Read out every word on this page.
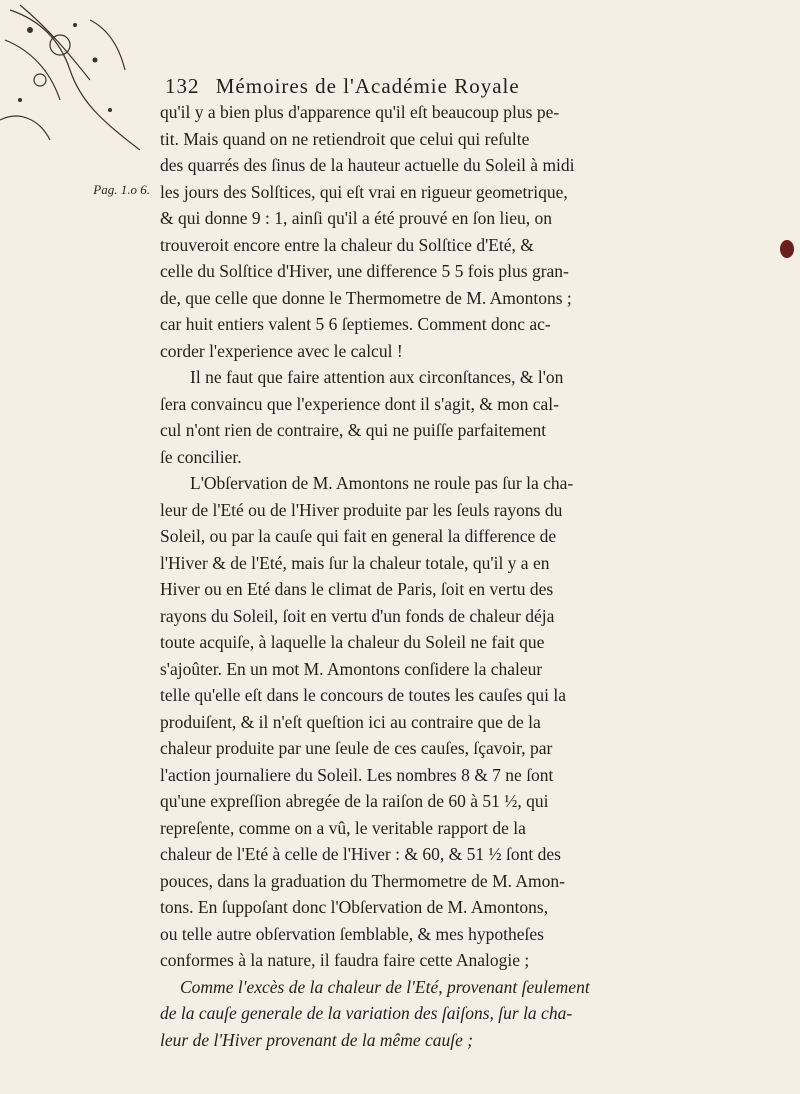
132 Mémoires de l'Académie Royale
Pag. 1.o 6.
qu'il y a bien plus d'apparence qu'il eſt beaucoup plus pe-
tit. Mais quand on ne retiendroit que celui qui reſulte
des quarrés des ſinus de la hauteur actuelle du Soleil à midi
les jours des Solſtices, qui eſt vrai en rigueur geometrique,
& qui donne 9 : 1, ainſi qu'il a été prouvé en ſon lieu, on
trouveroit encore entre la chaleur du Solſtice d'Eté, &
celle du Solſtice d'Hiver, une difference 5 5 fois plus gran-
de, que celle que donne le Thermometre de M. Amontons ;
car huit entiers valent 5 6 ſeptiemes. Comment donc ac-
corder l'experience avec le calcul !
Il ne faut que faire attention aux circonſtances, & l'on
ſera convaincu que l'experience dont il s'agit, & mon cal-
cul n'ont rien de contraire, & qui ne puiſſe parfaitement
ſe concilier.
L'Obſervation de M. Amontons ne roule pas ſur la cha-
leur de l'Eté ou de l'Hiver produite par les ſeuls rayons du
Soleil, ou par la cauſe qui fait en general la difference de
l'Hiver & de l'Eté, mais ſur la chaleur totale, qu'il y a en
Hiver ou en Eté dans le climat de Paris, ſoit en vertu des
rayons du Soleil, ſoit en vertu d'un fonds de chaleur déja
toute acquiſe, à laquelle la chaleur du Soleil ne fait que
s'ajoûter. En un mot M. Amontons conſidere la chaleur
telle qu'elle eſt dans le concours de toutes les cauſes qui la
produiſent, & il n'eſt queſtion ici au contraire que de la
chaleur produite par une ſeule de ces cauſes, ſçavoir, par
l'action journaliere du Soleil. Les nombres 8 & 7 ne ſont
qu'une expreſſion abregée de la raiſon de 60 à 51 ½, qui
repreſente, comme on a vû, le veritable rapport de la
chaleur de l'Eté à celle de l'Hiver : & 60, & 51 ½ ſont des
pouces, dans la graduation du Thermometre de M. Amon-
tons. En ſuppoſant donc l'Obſervation de M. Amontons,
ou telle autre obſervation ſemblable, & mes hypotheſes
conformes à la nature, il faudra faire cette Analogie ;
Comme l'excès de la chaleur de l'Eté, provenant ſeulement
de la cauſe generale de la variation des ſaiſons, ſur la cha-
leur de l'Hiver provenant de la même cauſe ;
